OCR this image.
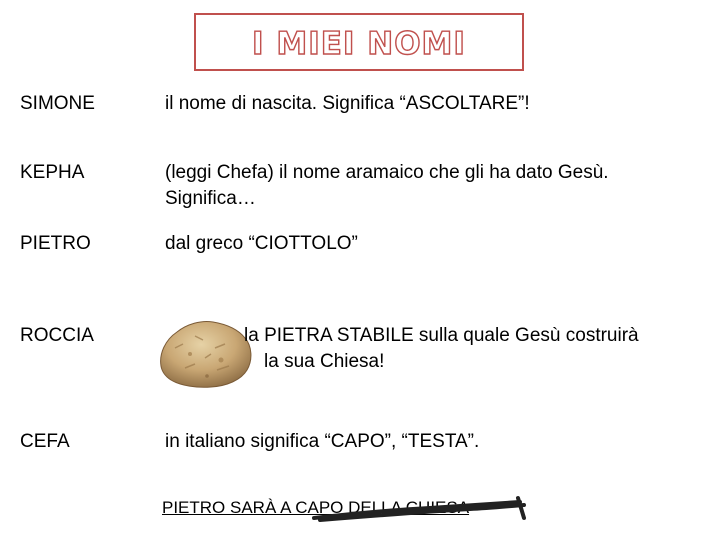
I MIEI NOMI
SIMONE	il nome di nascita. Significa “ASCOLTARE”!
KEPHA	(leggi Chefa) il nome aramaico che gli ha dato Gesù.
Significa…
PIETRO	dal greco “CIOTTOLO”
ROCCIA	la PIETRA STABILE sulla quale Gesù costruirà
la sua Chiesa!
CEFA	in italiano significa “CAPO”, “TESTA”.
PIETRO SARÀ A CAPO DELLA CHIESA
